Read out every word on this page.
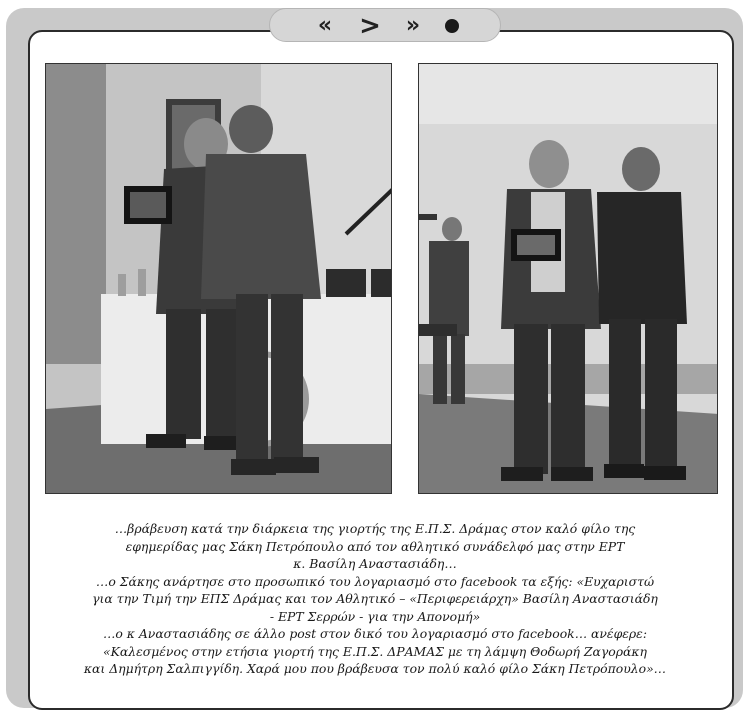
« > »
…βράβευση κατά την διάρκεια της γιορτής της Ε.Π.Σ. Δράμας στον καλό φίλο της
εφημερίδας μας Σάκη Πετρόπουλο από τον αθλητικό συνάδελφό μας στην ΕΡΤ
κ. Βασίλη Αναστασιάδη…
…ο Σάκης ανάρτησε στο προσωπικό του λογαριασμό στο facebook τα εξής: «Ευχαριστώ
για την Τιμή την ΕΠΣ Δράμας και τον Αθλητικό – «Περιφερειάρχη» Βασίλη Αναστασιάδη
- ΕΡΤ Σερρών - για την Απονομή»
…ο κ Αναστασιάδης σε άλλο post στον δικό του λογαριασμό στο facebook… ανέφερε:
«Καλεσμένος στην ετήσια γιορτή της Ε.Π.Σ. ΔΡΑΜΑΣ με τη λάμψη Θοδωρή Ζαγοράκη
και Δημήτρη Σαλπιγγίδη. Χαρά μου που βράβευσα τον πολύ καλό φίλο Σάκη Πετρόπουλο»…
